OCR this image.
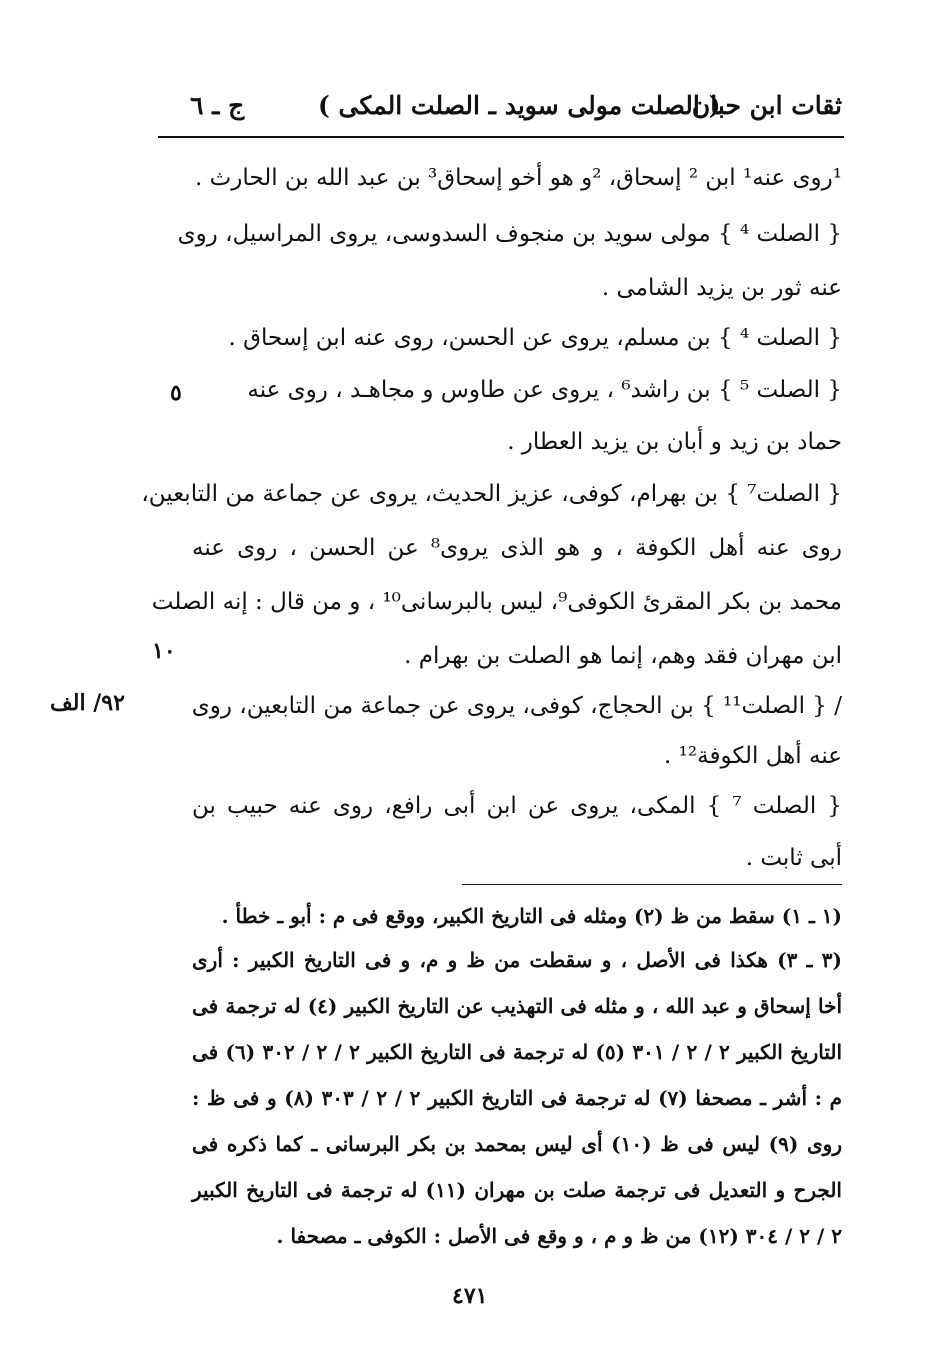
ثقات ابن حبان
( الصلت مولى سويد ـ الصلت المكى )
ج ـ ٦
¹روى عنه¹ ابن ² إسحاق، ²و هو أخو إسحاق³ بن عبد الله بن الحارث .
{ الصلت ⁴ } مولى سويد بن منجوف السدوسى، يروى المراسيل، روى
عنه ثور بن يزيد الشامى .
{ الصلت ⁴ } بن مسلم، يروى عن الحسن، روى عنه ابن إسحاق .
{ الصلت ⁵ } بن راشد⁶ ، يروى عن طاوس و مجاهـد ، روى عنه
حماد بن زيد و أبان بن يزيد العطار .
{ الصلت⁷ } بن بهرام، كوفى، عزيز الحديث، يروى عن جماعة من التابعين،
روى عنه أهل الكوفة ، و هو الذى يروى⁸ عن الحسن ، روى عنه
محمد بن بكر المقرئ الكوفى⁹، ليس بالبرسانى¹⁰ ، و من قال : إنه الصلت
ابن مهران فقد وهم، إنما هو الصلت بن بهرام .
/ { الصلت¹¹ } بن الحجاج، كوفى، يروى عن جماعة من التابعين، روى
عنه أهل الكوفة¹² .
{ الصلت ⁷ } المكى، يروى عن ابن أبى رافع، روى عنه حبيب بن
أبى ثابت .
٥
١٠
٩٢/ الف
(١ ـ ١) سقط من ظ (٢) ومثله فى التاريخ الكبير، ووقع فى م : أبو ـ خطأ .
(٣ ـ ٣) هكذا فى الأصل ، و سقطت من ظ و م، و فى التاريخ الكبير : أرى
أخا إسحاق و عبد الله ، و مثله فى التهذيب عن التاريخ الكبير (٤) له ترجمة فى
التاريخ الكبير ٢ / ٢ / ٣٠١ (٥) له ترجمة فى التاريخ الكبير ٢ / ٢ / ٣٠٢ (٦) فى
م : أشر ـ مصحفا (٧) له ترجمة فى التاريخ الكبير ٢ / ٢ / ٣٠٣ (٨) و فى ظ :
روى (٩) ليس فى ظ (١٠) أى ليس بمحمد بن بكر البرسانى ـ كما ذكره فى
الجرح و التعديل فى ترجمة صلت بن مهران (١١) له ترجمة فى التاريخ الكبير
٢ / ٢ / ٣٠٤ (١٢) من ظ و م ، و وقع فى الأصل : الكوفى ـ مصحفا .
٤٧١
